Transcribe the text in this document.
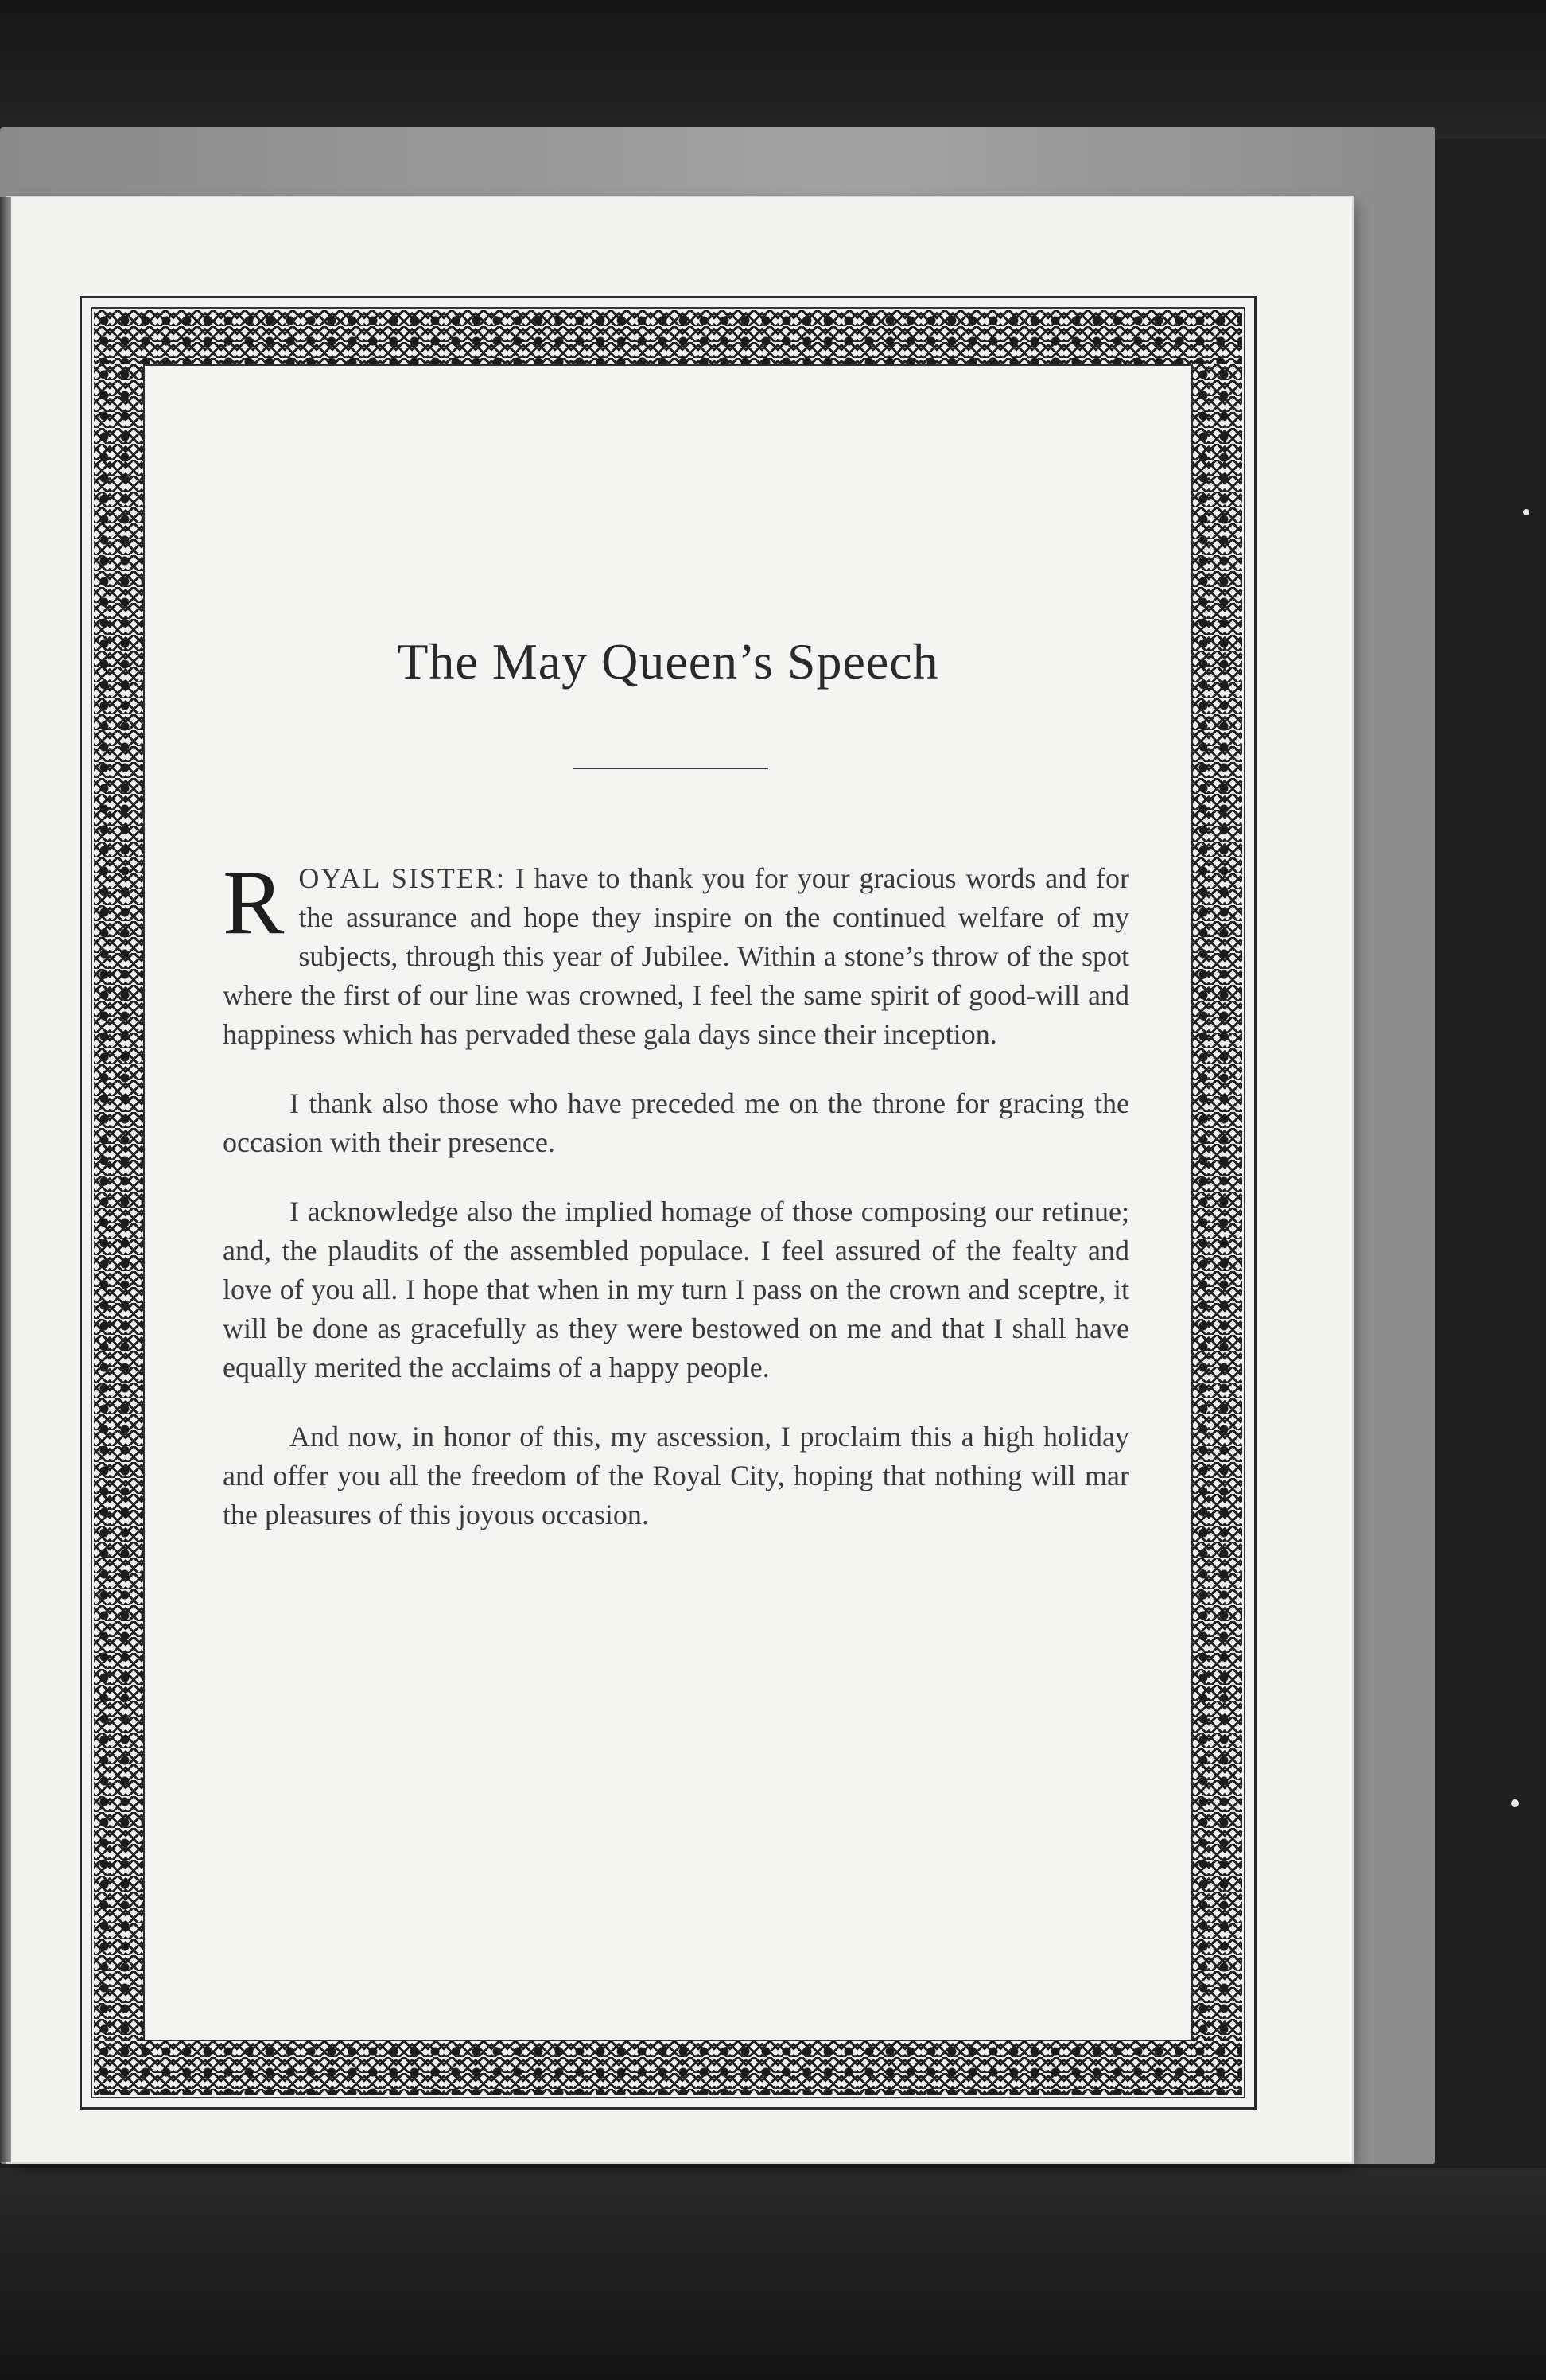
The May Queen’s Speech

ROYAL SISTER: I have to thank you for your gracious words and for the assurance and hope they inspire on the continued welfare of my subjects, through this year of Jubilee. Within a stone’s throw of the spot where the first of our line was crowned, I feel the same spirit of good-will and happiness which has pervaded these gala days since their inception.

I thank also those who have preceded me on the throne for gracing the occasion with their presence.

I acknowledge also the implied homage of those composing our retinue; and, the plaudits of the assembled populace. I feel assured of the fealty and love of you all. I hope that when in my turn I pass on the crown and sceptre, it will be done as gracefully as they were bestowed on me and that I shall have equally merited the acclaims of a happy people.

And now, in honor of this, my ascession, I proclaim this a high holiday and offer you all the freedom of the Royal City, hoping that nothing will mar the pleasures of this joyous occasion.
